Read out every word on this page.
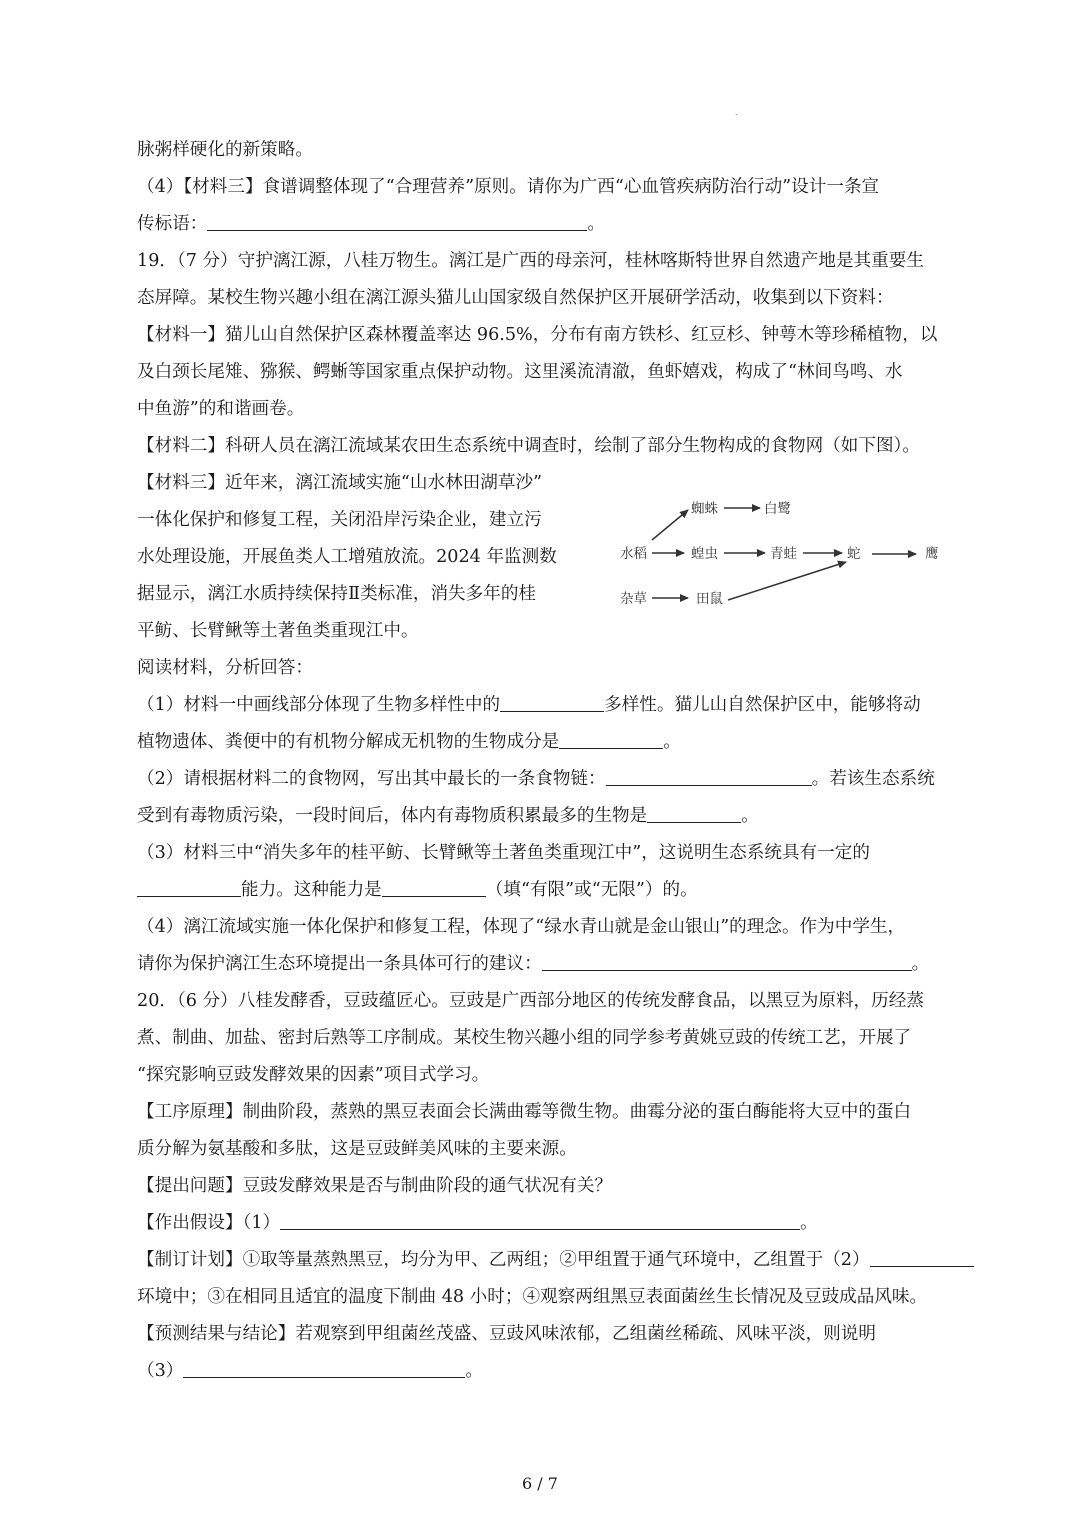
.
脉粥样硬化的新策略。
（4）【材料三】食谱调整体现了“合理营养”原则。请你为广西“心血管疾病防治行动”设计一条宣
传标语：	。
19．（7 分）守护漓江源，八桂万物生。漓江是广西的母亲河，桂林喀斯特世界自然遗产地是其重要生
态屏障。某校生物兴趣小组在漓江源头猫儿山国家级自然保护区开展研学活动，收集到以下资料：
【材料一】猫儿山自然保护区森林覆盖率达 96.5%，分布有南方铁杉、红豆杉、钟萼木等珍稀植物，以
及白颈长尾雉、猕猴、鳄蜥等国家重点保护动物。这里溪流清澈，鱼虾嬉戏，构成了“林间鸟鸣、水
中鱼游”的和谐画卷。
【材料二】科研人员在漓江流域某农田生态系统中调查时，绘制了部分生物构成的食物网（如下图）。
【材料三】近年来，漓江流域实施“山水林田湖草沙”
一体化保护和修复工程，关闭沿岸污染企业，建立污
水处理设施，开展鱼类人工增殖放流。2024 年监测数
据显示，漓江水质持续保持Ⅱ类标准，消失多年的桂
平鲂、长臂鳅等土著鱼类重现江中。
水稻
杂草
蜘蛛	白鹭
蝗虫	青蛙	蛇	鹰
田鼠
阅读材料，分析回答：
（1）材料一中画线部分体现了生物多样性中的	多样性。猫儿山自然保护区中，能够将动
植物遗体、粪便中的有机物分解成无机物的生物成分是	。
（2）请根据材料二的食物网，写出其中最长的一条食物链：	。若该生态系统
受到有毒物质污染，一段时间后，体内有毒物质积累最多的生物是	。
（3）材料三中“消失多年的桂平鲂、长臂鳅等土著鱼类重现江中”，这说明生态系统具有一定的
能力。这种能力是	（填“有限”或“无限”）的。
（4）漓江流域实施一体化保护和修复工程，体现了“绿水青山就是金山银山”的理念。作为中学生，
请你为保护漓江生态环境提出一条具体可行的建议：	。
20．（6 分）八桂发酵香，豆豉蕴匠心。豆豉是广西部分地区的传统发酵食品，以黑豆为原料，历经蒸
煮、制曲、加盐、密封后熟等工序制成。某校生物兴趣小组的同学参考黄姚豆豉的传统工艺，开展了
“探究影响豆豉发酵效果的因素”项目式学习。
【工序原理】制曲阶段，蒸熟的黑豆表面会长满曲霉等微生物。曲霉分泌的蛋白酶能将大豆中的蛋白
质分解为氨基酸和多肽，这是豆豉鲜美风味的主要来源。
【提出问题】豆豉发酵效果是否与制曲阶段的通气状况有关？
【作出假设】（1）	。
【制订计划】①取等量蒸熟黑豆，均分为甲、乙两组；②甲组置于通气环境中，乙组置于（2）
环境中；③在相同且适宜的温度下制曲 48 小时；④观察两组黑豆表面菌丝生长情况及豆豉成品风味。
【预测结果与结论】若观察到甲组菌丝茂盛、豆豉风味浓郁，乙组菌丝稀疏、风味平淡，则说明
（3）	。
6 / 7
